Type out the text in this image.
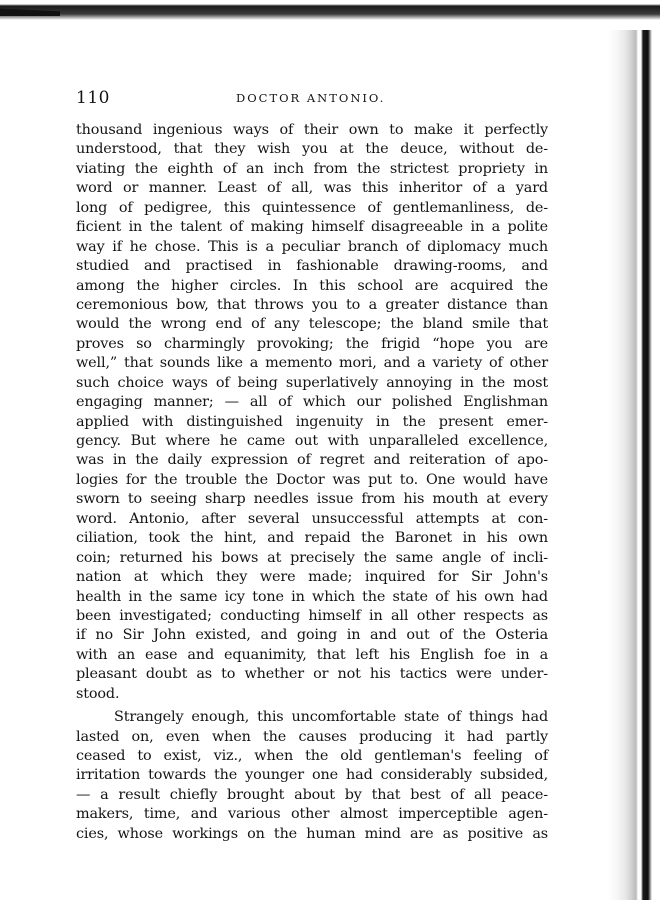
110	DOCTOR ANTONIO.
thousand ingenious ways of their own to make it perfectly
understood, that they wish you at the deuce, without de-
viating the eighth of an inch from the strictest propriety in
word or manner. Least of all, was this inheritor of a yard
long of pedigree, this quintessence of gentlemanliness, de-
ficient in the talent of making himself disagreeable in a polite
way if he chose. This is a peculiar branch of diplomacy much
studied and practised in fashionable drawing-rooms, and
among the higher circles. In this school are acquired the
ceremonious bow, that throws you to a greater distance than
would the wrong end of any telescope; the bland smile that
proves so charmingly provoking; the frigid “hope you are
well,” that sounds like a memento mori, and a variety of other
such choice ways of being superlatively annoying in the most
engaging manner; — all of which our polished Englishman
applied with distinguished ingenuity in the present emer-
gency. But where he came out with unparalleled excellence,
was in the daily expression of regret and reiteration of apo-
logies for the trouble the Doctor was put to. One would have
sworn to seeing sharp needles issue from his mouth at every
word. Antonio, after several unsuccessful attempts at con-
ciliation, took the hint, and repaid the Baronet in his own
coin; returned his bows at precisely the same angle of incli-
nation at which they were made; inquired for Sir John's
health in the same icy tone in which the state of his own had
been investigated; conducting himself in all other respects as
if no Sir John existed, and going in and out of the Osteria
with an ease and equanimity, that left his English foe in a
pleasant doubt as to whether or not his tactics were under-
stood.
Strangely enough, this uncomfortable state of things had
lasted on, even when the causes producing it had partly
ceased to exist, viz., when the old gentleman's feeling of
irritation towards the younger one had considerably subsided,
— a result chiefly brought about by that best of all peace-
makers, time, and various other almost imperceptible agen-
cies, whose workings on the human mind are as positive as
